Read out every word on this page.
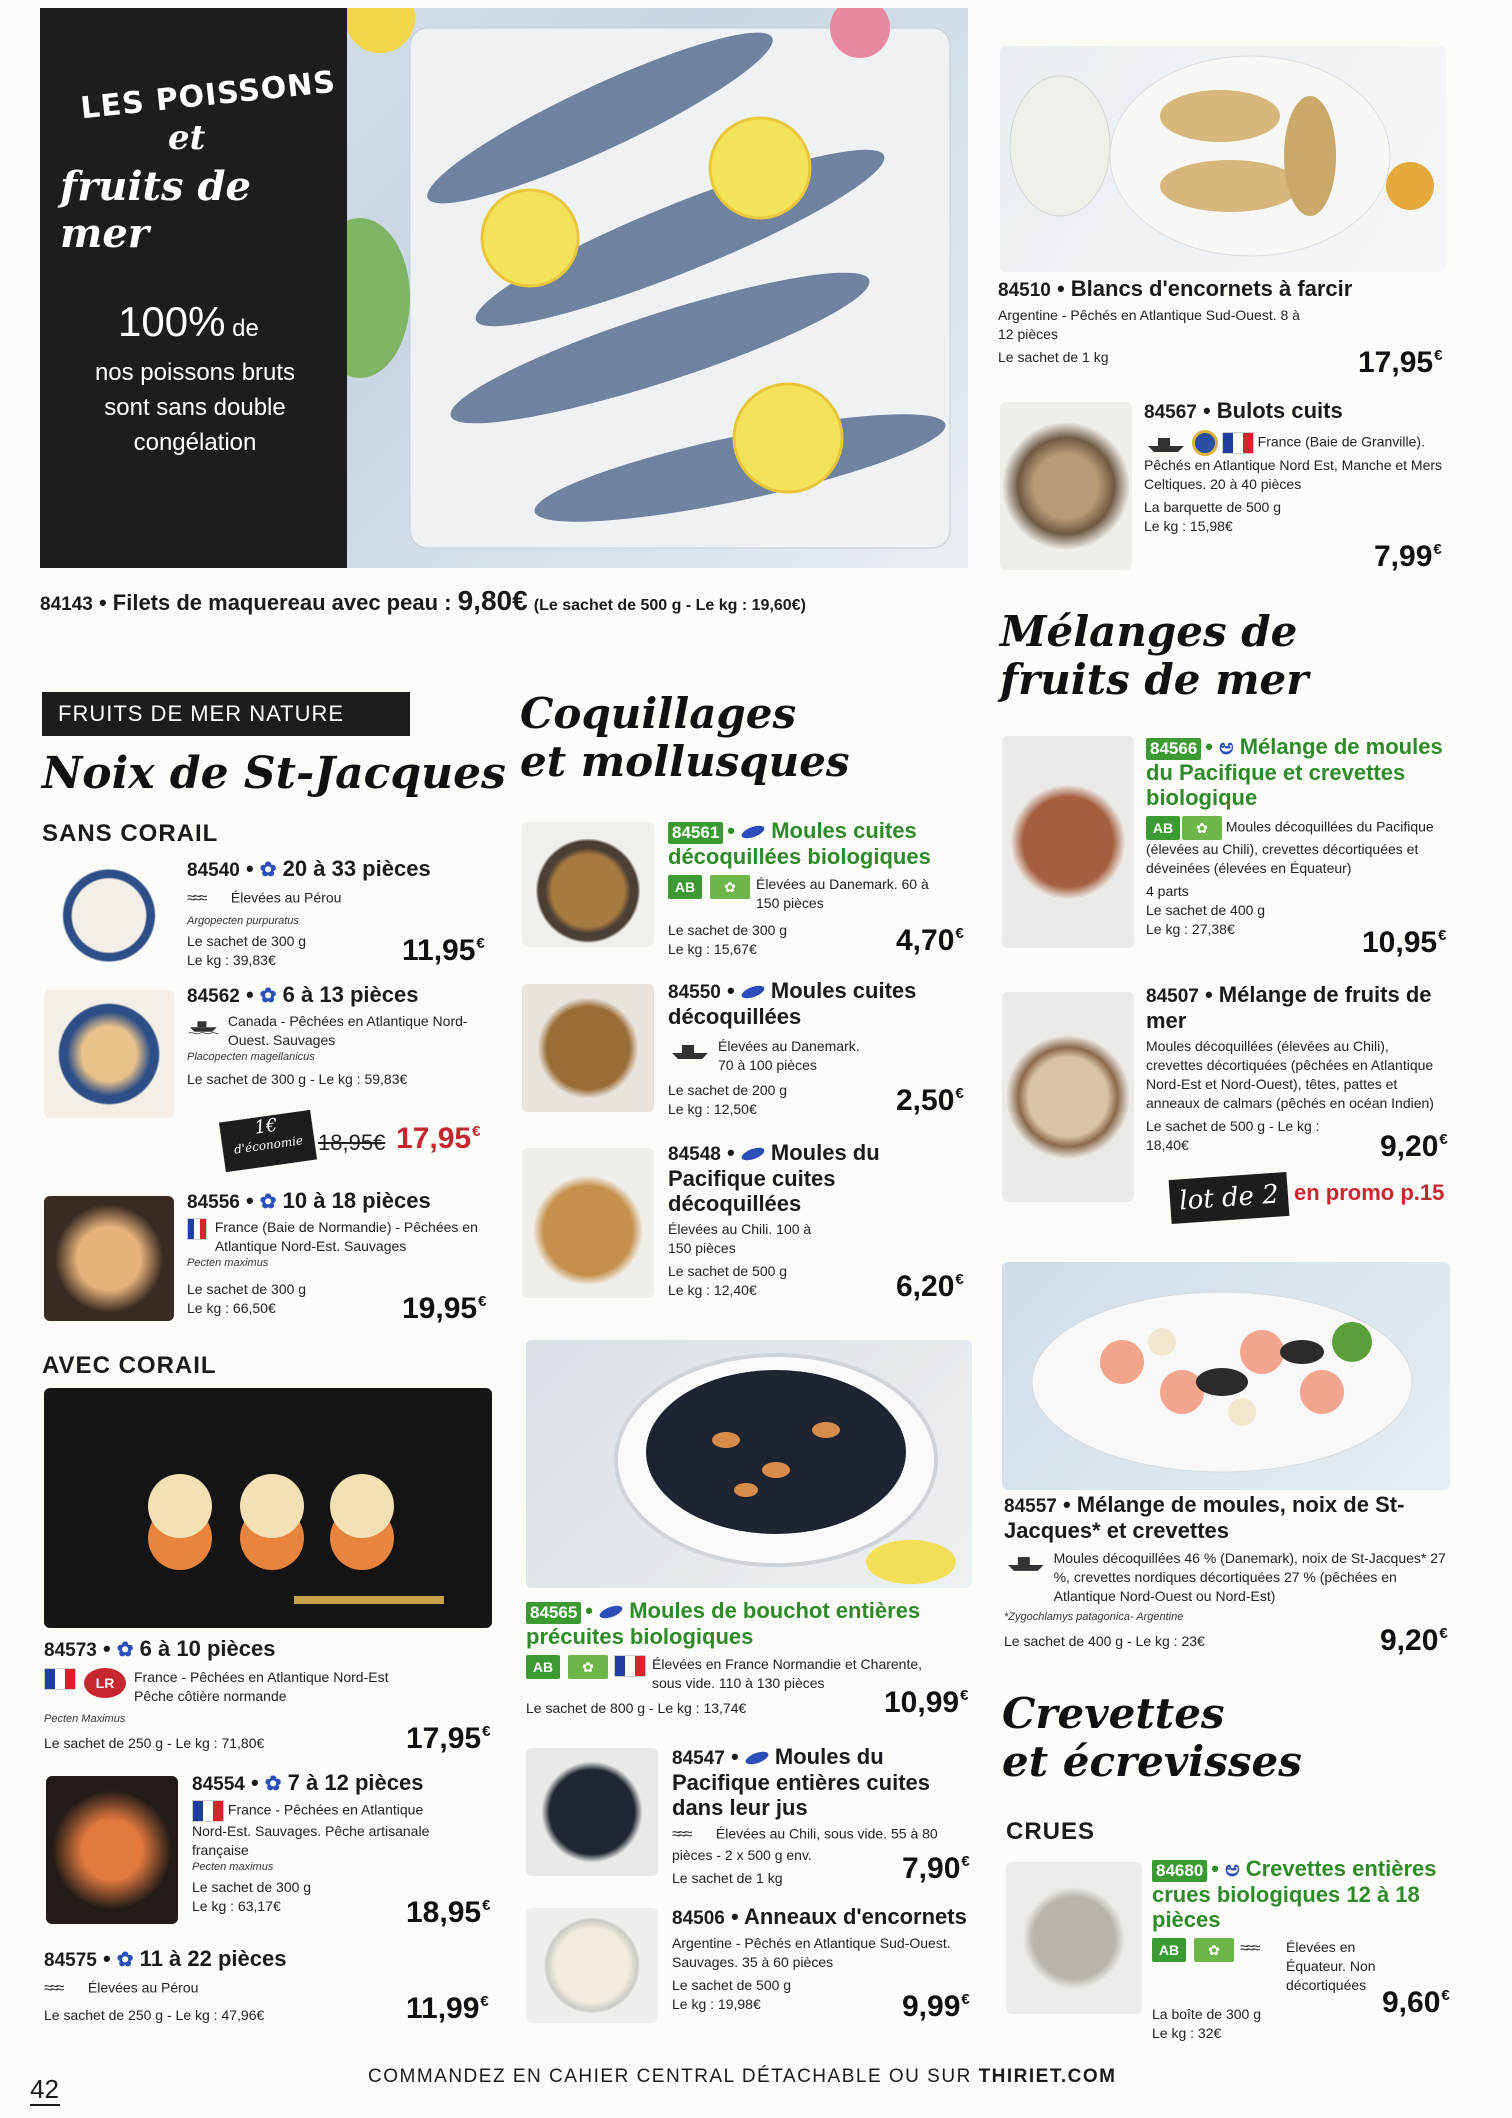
LES POISSONS
et
fruits de mer
100% de
nos poissons bruts sont sans double congélation
84143 • Filets de maquereau avec peau : 9,80€ (Le sachet de 500 g - Le kg : 19,60€)
FRUITS DE MER NATURE
Noix de St-Jacques
SANS CORAIL
84540 • ✿ 20 à 33 pièces
≈≈≈ Élevées au Pérou
Argopecten purpuratus
Le sachet de 300 g
Le kg : 39,83€	11,95€
84562 • ✿ 6 à 13 pièces
Canada - Pêchées en Atlantique Nord-Ouest. Sauvages
Placopecten magellanicus
Le sachet de 300 g - Le kg : 59,83€
1€
d'économie 18,95€ 17,95€
84556 • ✿ 10 à 18 pièces
France (Baie de Normandie) - Pêchées en Atlantique Nord-Est. Sauvages
Pecten maximus
Le sachet de 300 g
Le kg : 66,50€	19,95€
AVEC CORAIL
84573 • ✿ 6 à 10 pièces
LR	France - Pêchées en Atlantique Nord-Est Pêche côtière normande
Pecten Maximus
Le sachet de 250 g - Le kg : 71,80€	17,95€
84554 • ✿ 7 à 12 pièces
France - Pêchées en Atlantique Nord-Est. Sauvages. Pêche artisanale française
Pecten maximus
Le sachet de 300 g
Le kg : 63,17€	18,95€
84575 • ✿ 11 à 22 pièces
≈≈≈ Élevées au Pérou
Le sachet de 250 g - Le kg : 47,96€	11,99€
Coquillages
et mollusques
84561 •  Moules cuites décoquillées biologiques
AB	✿	Élevées au Danemark. 60 à 150 pièces
Le sachet de 300 g
Le kg : 15,67€	4,70€
84550 •  Moules cuites décoquillées
Élevées au Danemark. 70 à 100 pièces
Le sachet de 200 g
Le kg : 12,50€	2,50€
84548 •  Moules du Pacifique cuites décoquillées
Élevées au Chili. 100 à 150 pièces
Le sachet de 500 g
Le kg : 12,40€	6,20€
84565 •  Moules de bouchot entières précuites biologiques
AB	✿	Élevées en France Normandie et Charente, sous vide. 110 à 130 pièces
Le sachet de 800 g - Le kg : 13,74€	10,99€
84547 •  Moules du Pacifique entières cuites dans leur jus
≈≈≈ Élevées au Chili, sous vide. 55 à 80 pièces - 2 x 500 g env.
Le sachet de 1 kg	7,90€
84506 • Anneaux d'encornets
Argentine - Pêchés en Atlantique Sud-Ouest. Sauvages. 35 à 60 pièces
Le sachet de 500 g
Le kg : 19,98€	9,99€
84510 • Blancs d'encornets à farcir
Argentine - Pêchés en Atlantique Sud-Ouest. 8 à 12 pièces
Le sachet de 1 kg	17,95€
84567 • Bulots cuits
France (Baie de Granville). Pêchés en Atlantique Nord Est, Manche et Mers Celtiques. 20 à 40 pièces
La barquette de 500 g
Le kg : 15,98€
7,99€
Mélanges de
fruits de mer
84566 • ಅ Mélange de moules du Pacifique et crevettes biologique
AB ✿ Moules décoquillées du Pacifique (élevées au Chili), crevettes décortiquées et déveinées (élevées en Équateur)
4 parts
Le sachet de 400 g
Le kg : 27,38€	10,95€
84507 • Mélange de fruits de mer
Moules décoquillées (élevées au Chili), crevettes décortiquées (pêchées en Atlantique Nord-Est et Nord-Ouest), têtes, pattes et anneaux de calmars (pêchés en océan Indien)
Le sachet de 500 g - Le kg : 18,40€	9,20€
lot de 2 en promo p.15
84557 • Mélange de moules, noix de St-Jacques* et crevettes
Moules décoquillées 46 % (Danemark), noix de St-Jacques* 27 %, crevettes nordiques décortiquées 27 % (pêchées en Atlantique Nord-Ouest ou Nord-Est)
*Zygochlamys patagonica- Argentine
Le sachet de 400 g - Le kg : 23€	9,20€
Crevettes
et écrevisses
CRUES
84680 • ಅ Crevettes entières crues biologiques 12 à 18 pièces
AB	✿	≈≈≈	Élevées en Équateur. Non décortiquées
La boîte de 300 g
Le kg : 32€
9,60€
42	COMMANDEZ EN CAHIER CENTRAL DÉTACHABLE OU SUR THIRIET.COM
